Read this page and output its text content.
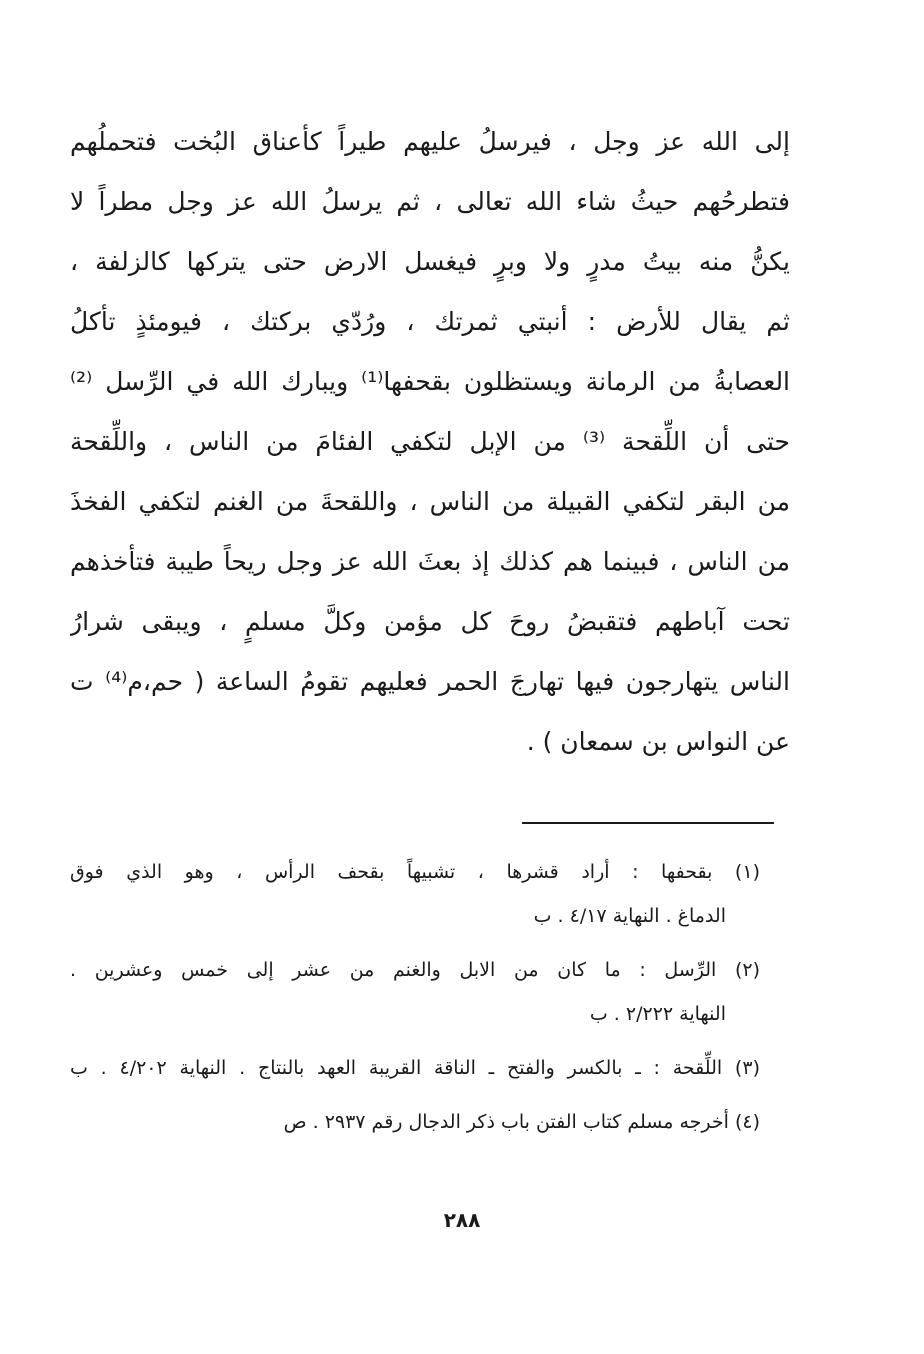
إلى الله عز وجل ، فيرسلُ عليهم طيراً كأعناق البُخت فتحملُهم
فتطرحُهم حيثُ شاء الله تعالى ، ثم يرسلُ الله عز وجل مطراً لا
يكنُّ منه بيتُ مدرٍ ولا وبرٍ فيغسل الارض حتى يتركها كالزلفة ،
ثم يقال للأرض : أنبتي ثمرتك ، ورُدّي بركتك ، فيومئذٍ تأكلُ
العصابةُ من الرمانة ويستظلون بقحفها⁽¹⁾ ويبارك الله في الرِّسل ⁽²⁾
حتى أن اللِّقحة ⁽³⁾ من الإبل لتكفي الفئامَ من الناس ، واللِّقحة
من البقر لتكفي القبيلة من الناس ، واللقحةَ من الغنم لتكفي الفخذَ
من الناس ، فبينما هم كذلك إذ بعثَ الله عز وجل ريحاً طيبة فتأخذهم
تحت آباطهم فتقبضُ روحَ كل مؤمن وكلَّ مسلمٍ ، ويبقى شرارُ
الناس يتهارجون فيها تهارجَ الحمر فعليهم تقومُ الساعة ( حم،م⁽⁴⁾ ت
عن النواس بن سمعان ) .
(١) بقحفها : أراد قشرها ، تشبيهاً بقحف الرأس ، وهو الذي فوق
الدماغ . النهاية ٤/١٧ . ب
(٢) الرِّسل : ما كان من الابل والغنم من عشر إلى خمس وعشرين .
النهاية ٢/٢٢٢ . ب
(٣) اللِّقحة : ـ بالكسر والفتح ـ الناقة القريبة العهد بالنتاج . النهاية ٤/٢٠٢ . ب
(٤) أخرجه مسلم كتاب الفتن باب ذكر الدجال رقم ٢٩٣٧ . ص
٢٨٨
